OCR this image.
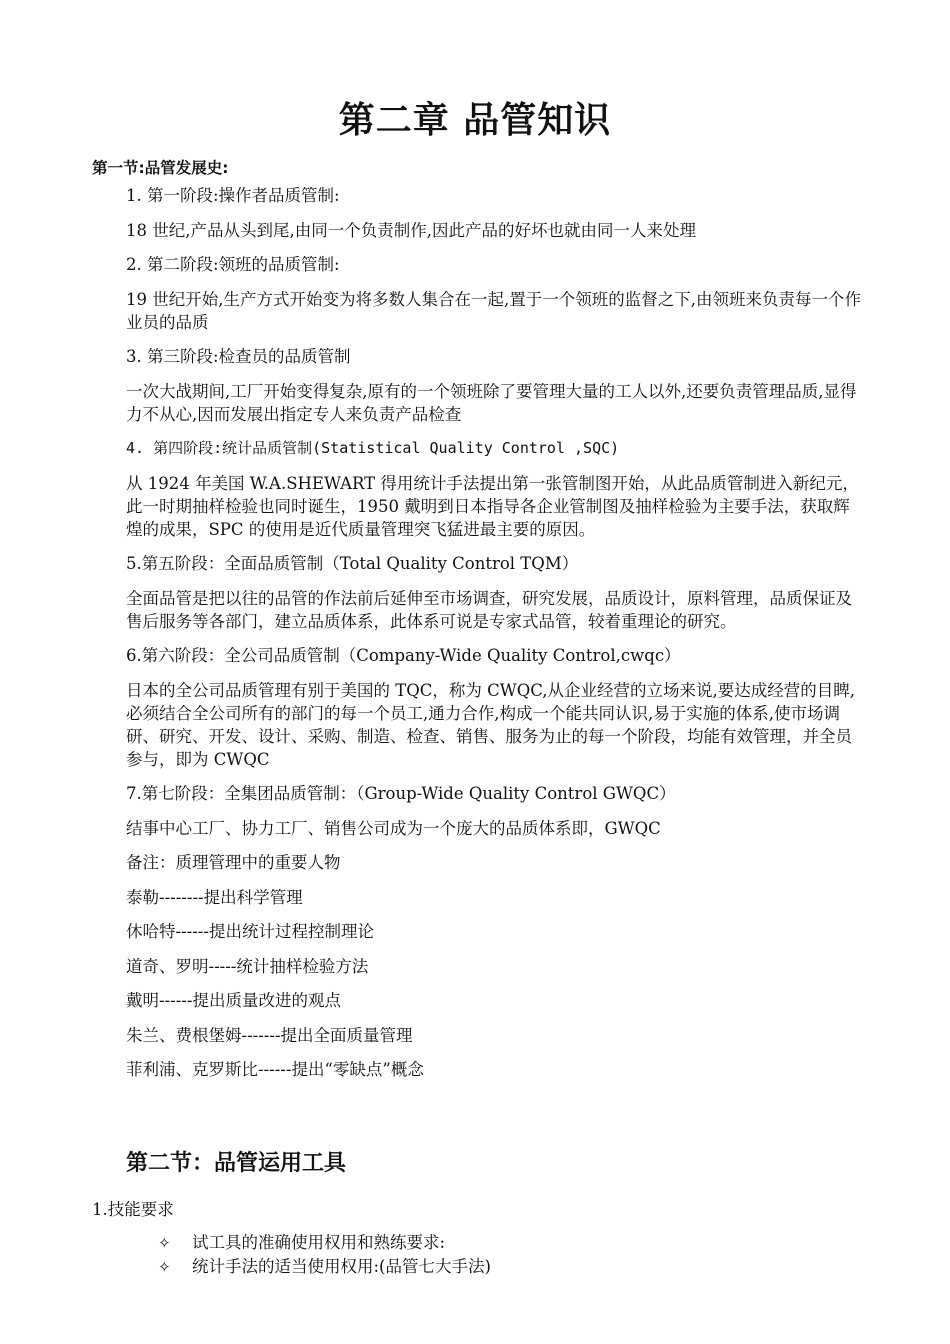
第二章 品管知识
第一节:品管发展史:

1. 第一阶段:操作者品质管制:

18 世纪,产品从头到尾,由同一个负责制作,因此产品的好坏也就由同一人来处理

2. 第二阶段:领班的品质管制:

19 世纪开始,生产方式开始变为将多数人集合在一起,置于一个领班的监督之下,由领班来负责每一个作业员的品质

3. 第三阶段:检查员的品质管制

一次大战期间,工厂开始变得复杂,原有的一个领班除了要管理大量的工人以外,还要负责管理品质,显得力不从心,因而发展出指定专人来负责产品检查

4. 第四阶段:统计品质管制(Statistical Quality Control ,SQC)

从 1924 年美国 W.A.SHEWART 得用统计手法提出第一张管制图开始，从此品质管制进入新纪元，此一时期抽样检验也同时诞生，1950 戴明到日本指导各企业管制图及抽样检验为主要手法，获取辉煌的成果，SPC 的使用是近代质量管理突飞猛进最主要的原因。

5.第五阶段：全面品质管制（Total Quality Control TQM）

全面品管是把以往的品管的作法前后延伸至市场调查，研究发展，品质设计，原料管理，品质保证及售后服务等各部门，建立品质体系，此体系可说是专家式品管，较着重理论的研究。

6.第六阶段：全公司品质管制（Company-Wide Quality Control,cwqc）

日本的全公司品质管理有别于美国的 TQC，称为 CWQC,从企业经营的立场来说,要达成经营的目睥,必须结合全公司所有的部门的每一个员工,通力合作,构成一个能共同认识,易于实施的体系,使市场调研、研究、开发、设计、采购、制造、检查、销售、服务为止的每一个阶段，均能有效管理，并全员参与，即为 CWQC

7.第七阶段：全集团品质管制：（Group-Wide Quality Control GWQC）

结事中心工厂、协力工厂、销售公司成为一个庞大的品质体系即，GWQC

备注：质理管理中的重要人物

泰勒--------提出科学管理

休哈特------提出统计过程控制理论

道奇、罗明-----统计抽样检验方法

戴明------提出质量改进的观点

朱兰、费根堡姆-------提出全面质量管理

菲利浦、克罗斯比------提出“零缺点”概念

第二节：品管运用工具

1.技能要求

✧	试工具的准确使用权用和熟练要求:
✧	统计手法的适当使用权用:(品管七大手法)
